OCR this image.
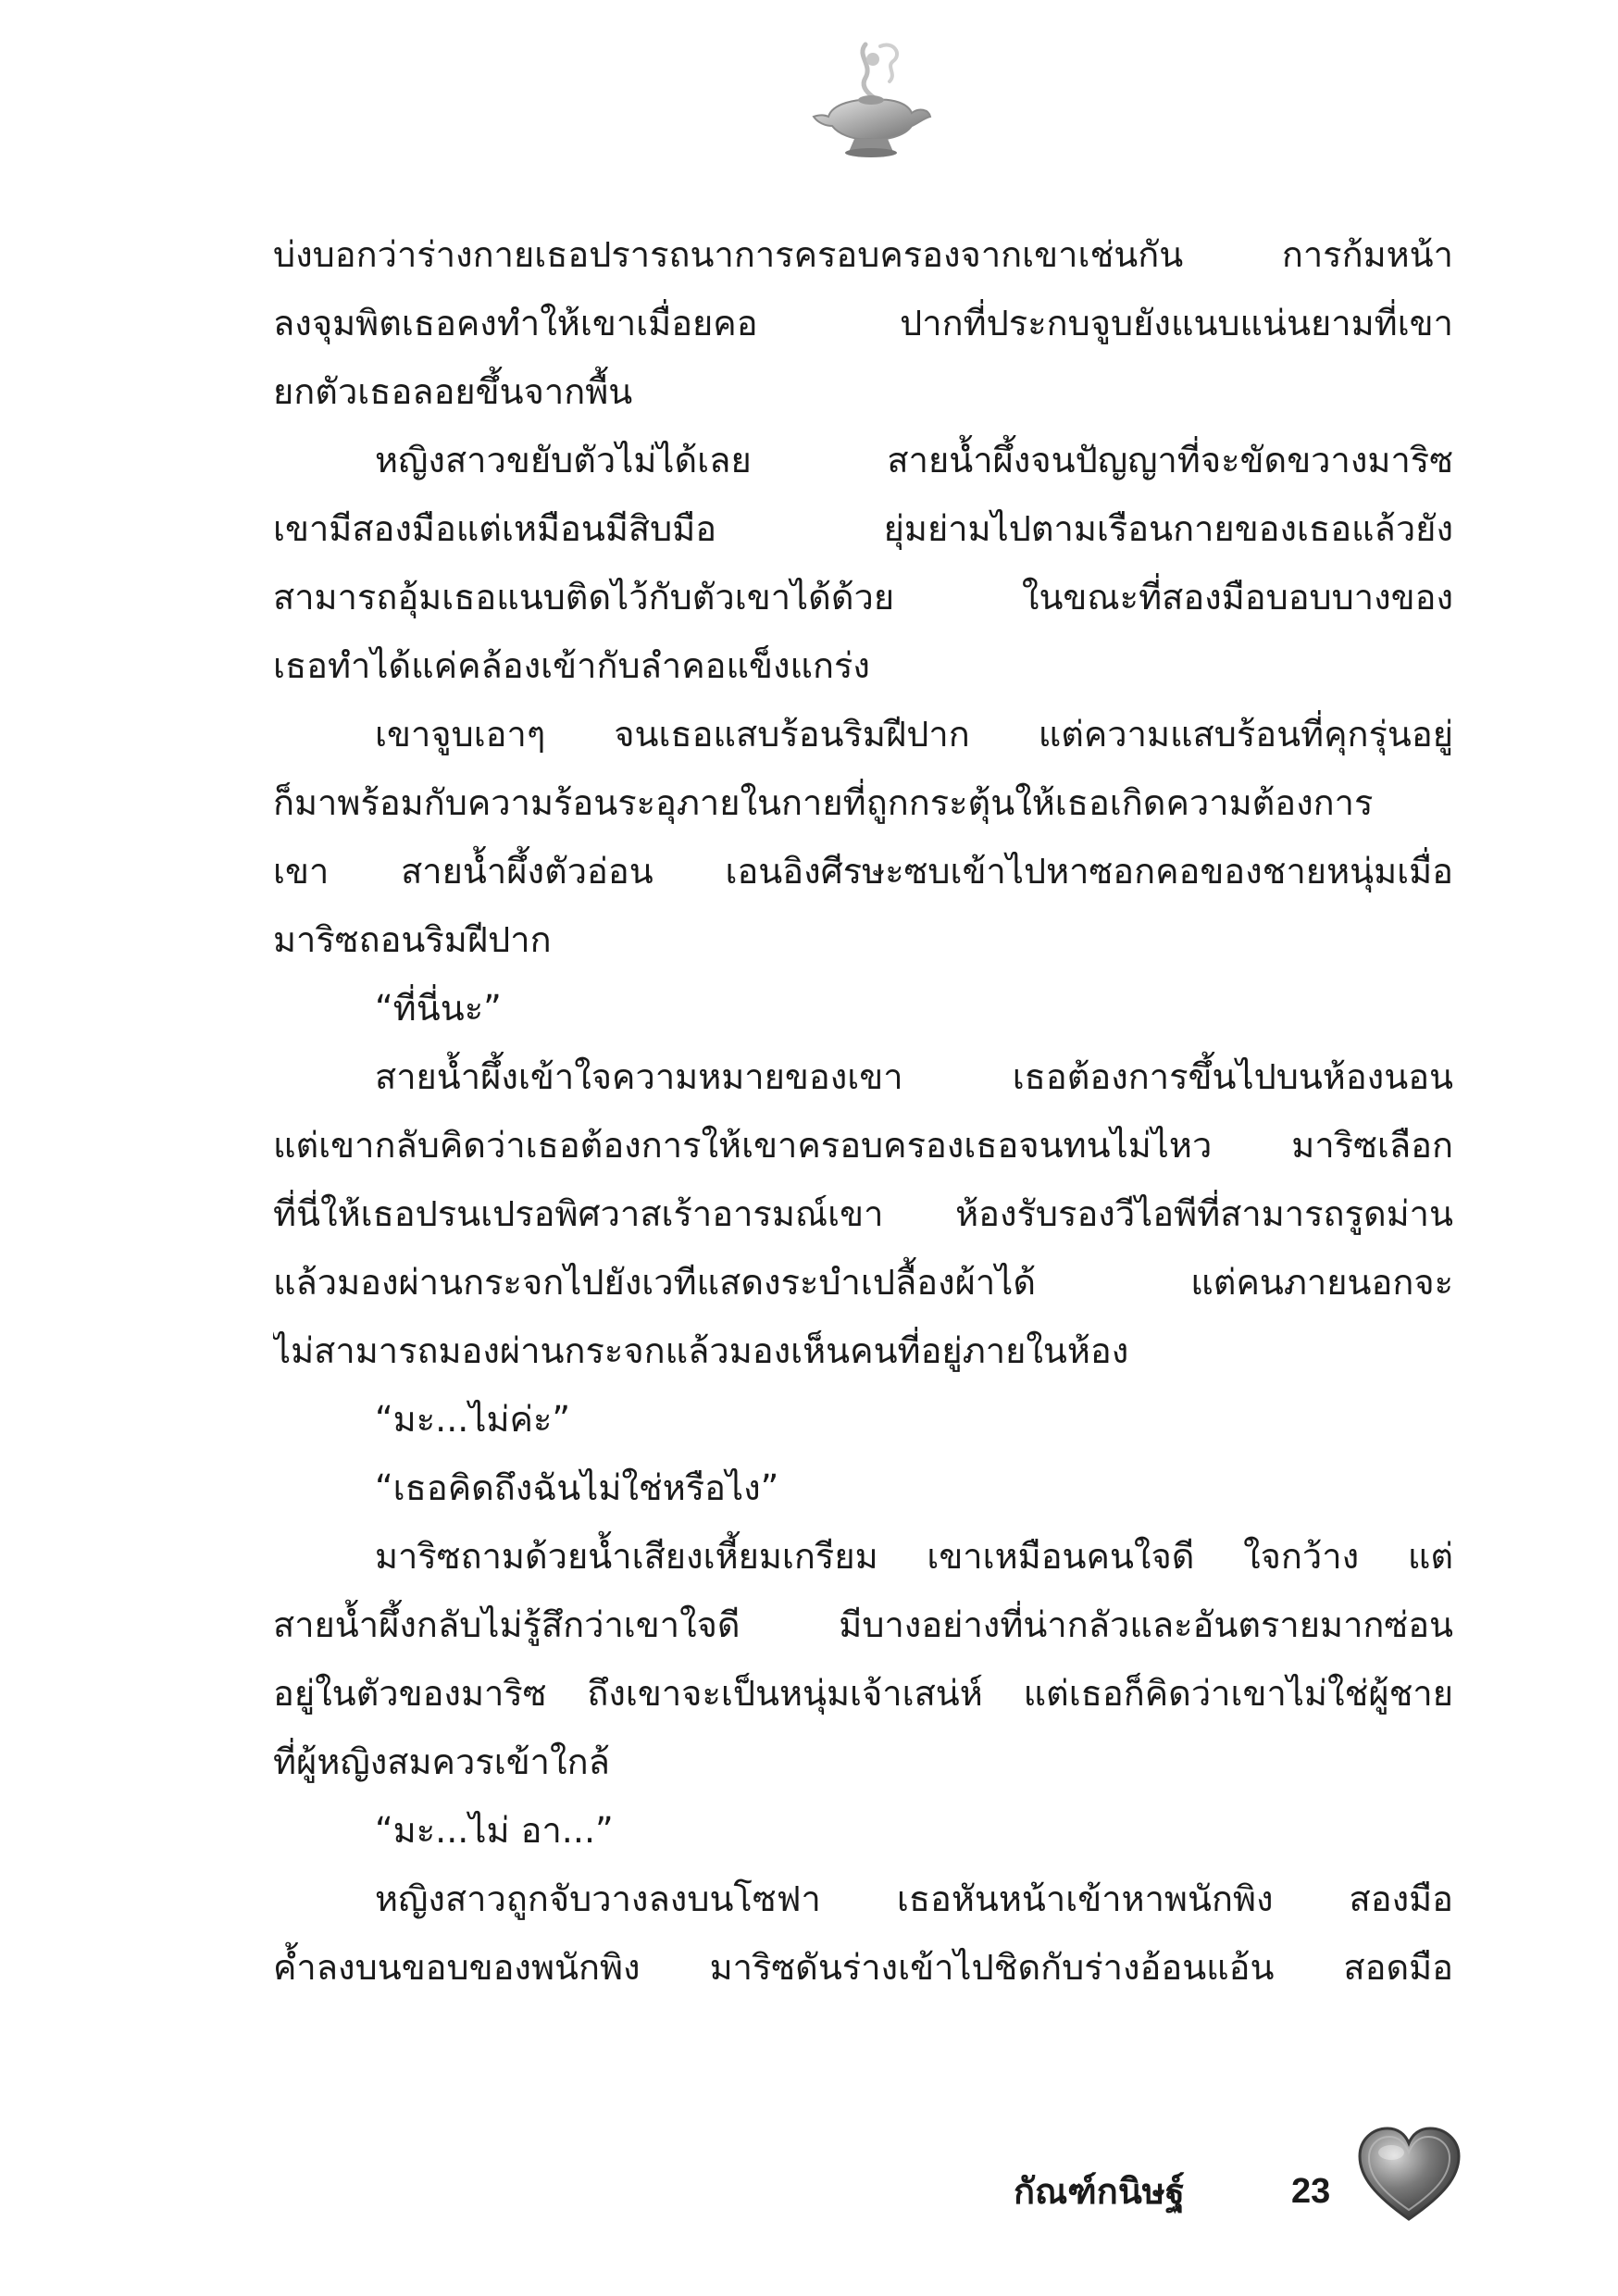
บ่งบอกว่าร่างกายเธอปรารถนาการครอบครองจากเขาเช่นกัน การก้มหน้า
ลงจุมพิตเธอคงทำให้เขาเมื่อยคอ ปากที่ประกบจูบยังแนบแน่นยามที่เขา
ยกตัวเธอลอยขึ้นจากพื้น
หญิงสาวขยับตัวไม่ได้เลย สายน้ำผึ้งจนปัญญาที่จะขัดขวางมาริซ
เขามีสองมือแต่เหมือนมีสิบมือ ยุ่มย่ามไปตามเรือนกายของเธอแล้วยัง
สามารถอุ้มเธอแนบติดไว้กับตัวเขาได้ด้วย ในขณะที่สองมือบอบบางของ
เธอทำได้แค่คล้องเข้ากับลำคอแข็งแกร่ง
เขาจูบเอาๆ จนเธอแสบร้อนริมฝีปาก แต่ความแสบร้อนที่คุกรุ่นอยู่
ก็มาพร้อมกับความร้อนระอุภายในกายที่ถูกกระตุ้นให้เธอเกิดความต้องการ
เขา สายน้ำผึ้งตัวอ่อน เอนอิงศีรษะซบเข้าไปหาซอกคอของชายหนุ่มเมื่อ
มาริซถอนริมฝีปาก
“ที่นี่นะ”
สายน้ำผึ้งเข้าใจความหมายของเขา เธอต้องการขึ้นไปบนห้องนอน
แต่เขากลับคิดว่าเธอต้องการให้เขาครอบครองเธอจนทนไม่ไหว มาริซเลือก
ที่นี่ให้เธอปรนเปรอพิศวาสเร้าอารมณ์เขา ห้องรับรองวีไอพีที่สามารถรูดม่าน
แล้วมองผ่านกระจกไปยังเวทีแสดงระบำเปลื้องผ้าได้ แต่คนภายนอกจะ
ไม่สามารถมองผ่านกระจกแล้วมองเห็นคนที่อยู่ภายในห้อง
“มะ...ไม่ค่ะ”
“เธอคิดถึงฉันไม่ใช่หรือไง”
มาริซถามด้วยน้ำเสียงเหี้ยมเกรียม เขาเหมือนคนใจดี ใจกว้าง แต่
สายน้ำผึ้งกลับไม่รู้สึกว่าเขาใจดี มีบางอย่างที่น่ากลัวและอันตรายมากซ่อน
อยู่ในตัวของมาริซ ถึงเขาจะเป็นหนุ่มเจ้าเสน่ห์ แต่เธอก็คิดว่าเขาไม่ใช่ผู้ชาย
ที่ผู้หญิงสมควรเข้าใกล้
“มะ...ไม่ อา...”
หญิงสาวถูกจับวางลงบนโซฟา เธอหันหน้าเข้าหาพนักพิง สองมือ
ค้ำลงบนขอบของพนักพิง มาริซดันร่างเข้าไปชิดกับร่างอ้อนแอ้น สอดมือ
กัณฑ์กนิษฐ์	23
